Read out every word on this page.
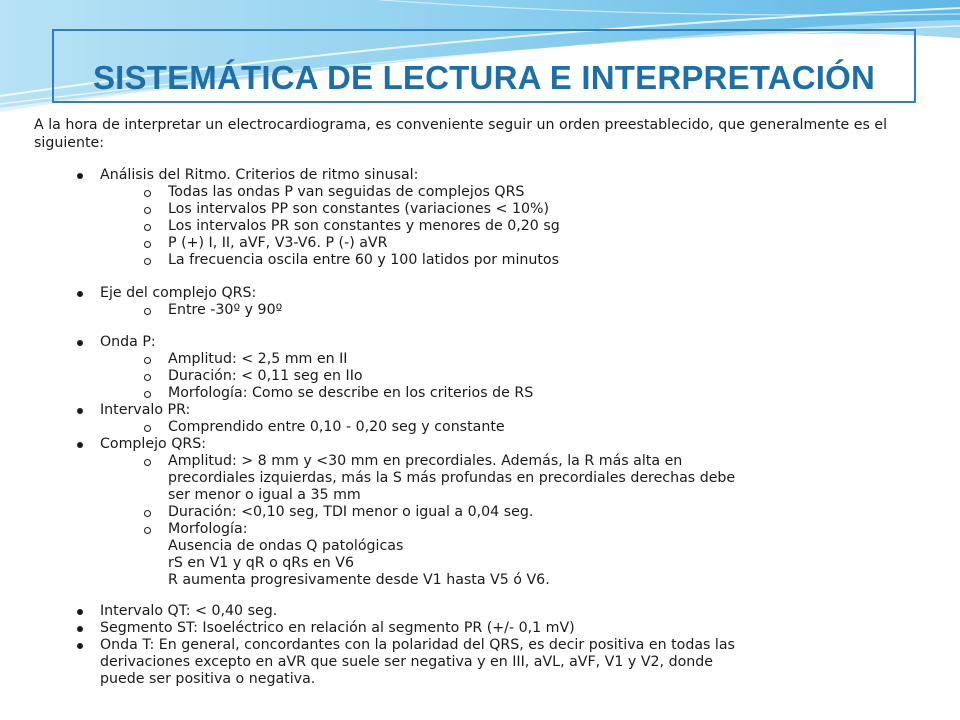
SISTEMÁTICA DE LECTURA E INTERPRETACIÓN

A la hora de interpretar un electrocardiograma, es conveniente seguir un orden preestablecido, que generalmente es el siguiente:

Análisis del Ritmo. Criterios de ritmo sinusal:
Todas las ondas P van seguidas de complejos QRS
Los intervalos PP son constantes (variaciones < 10%)
Los intervalos PR son constantes y menores de 0,20 sg
P (+) I, II, aVF, V3-V6. P (-) aVR
La frecuencia oscila entre 60 y 100 latidos por minutos
Eje del complejo QRS:
Entre -30º y 90º
Onda P:
Amplitud: < 2,5 mm en II
Duración: < 0,11 seg en IIo
Morfología: Como se describe en los criterios de RS
Intervalo PR:
Comprendido entre 0,10 - 0,20 seg y constante
Complejo QRS:
Amplitud: > 8 mm y <30 mm en precordiales. Además, la R más alta en
precordiales izquierdas, más la S más profundas en precordiales derechas debe
ser menor o igual a 35 mm
Duración: <0,10 seg, TDI menor o igual a 0,04 seg.
Morfología:
Ausencia de ondas Q patológicas
rS en V1 y qR o qRs en V6
R aumenta progresivamente desde V1 hasta V5 ó V6.
Intervalo QT: < 0,40 seg.
Segmento ST: Isoeléctrico en relación al segmento PR (+/- 0,1 mV)
Onda T: En general, concordantes con la polaridad del QRS, es decir positiva en todas las
derivaciones excepto en aVR que suele ser negativa y en III, aVL, aVF, V1 y V2, donde
puede ser positiva o negativa.
